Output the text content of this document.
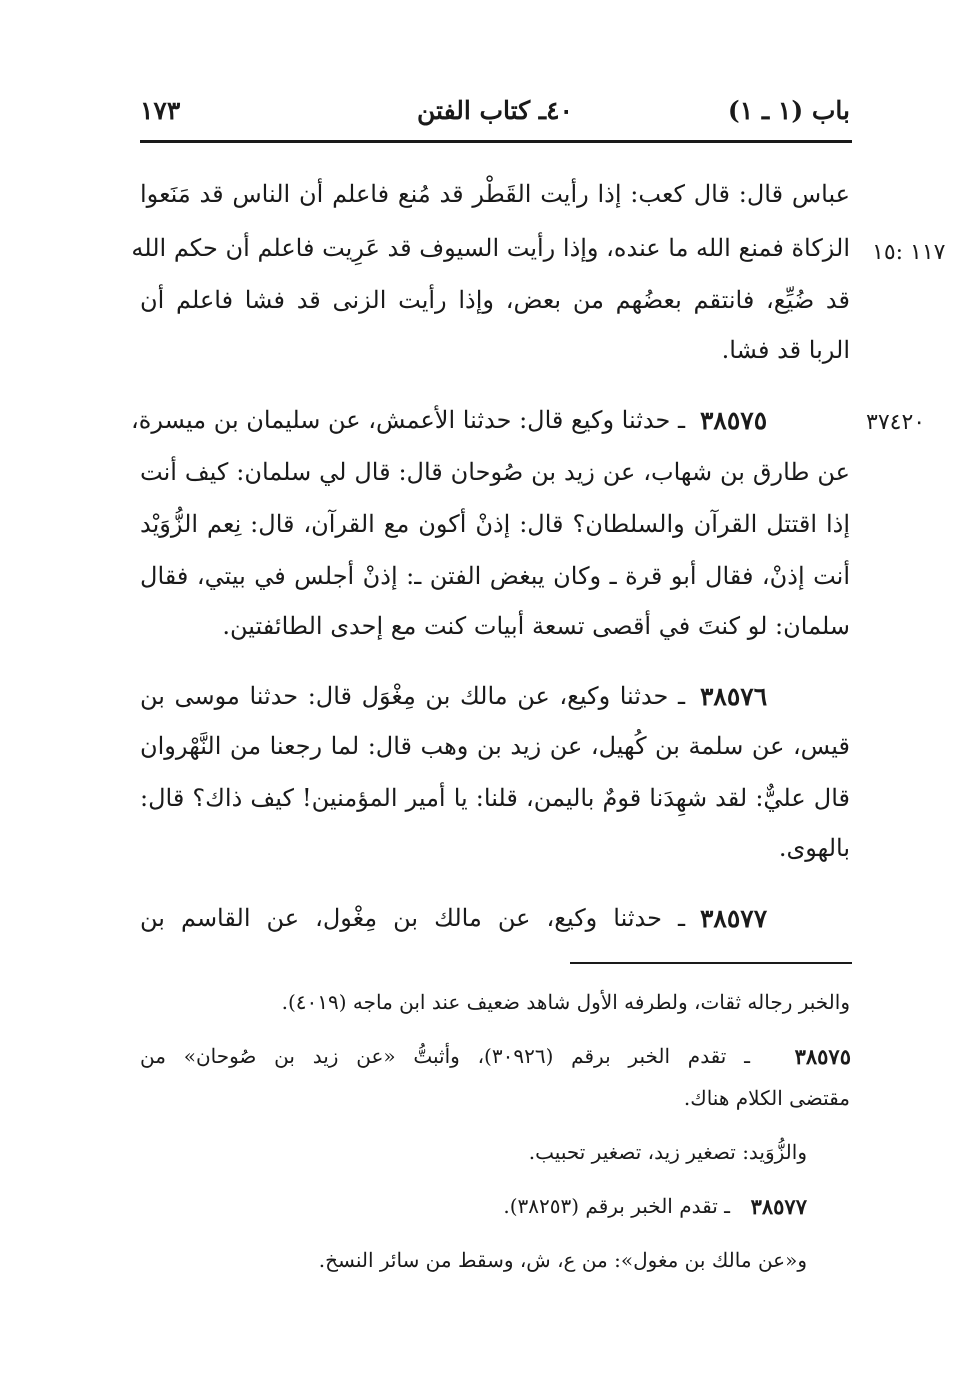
باب (١ ـ ١)
٤٠ـ كتاب الفتن
١٧٣
عباس قال: قال كعب: إذا رأيت القَطْر قد مُنع فاعلم أن الناس قد مَنَعوا
الزكاة فمنع الله ما عنده، وإذا رأيت السيوف قد عَرِيت فاعلم أن حكم الله
قد ضُيِّع، فانتقم بعضُهم من بعض، وإذا رأيت الزنى قد فشا فاعلم أن
الربا قد فشا.
١١٧ :١٥
ـ حدثنا وكيع قال: حدثنا الأعمش، عن سليمان بن ميسرة، ٣٨٥٧٥	٣٧٤٢٠
عن طارق بن شهاب، عن زيد بن صُوحان قال: قال لي سلمان: كيف أنت
إذا اقتتل القرآن والسلطان؟ قال: إذنْ أكون مع القرآن، قال: نِعم الزُّوَيْد
أنت إذنْ، فقال أبو قرة ـ وكان يبغض الفتن ـ: إذنْ أجلس في بيتي، فقال
سلمان: لو كنتَ في أقصى تسعة أبيات كنت مع إحدى الطائفتين.
٣٨٥٧٦
ـ حدثنا وكيع، عن مالك بن مِغْوَل قال: حدثنا موسى بن
قيس، عن سلمة بن كُهيل، عن زيد بن وهب قال: لما رجعنا من النَّهْروان
قال عليٌّ: لقد شهِدَنا قومٌ باليمن، قلنا: يا أمير المؤمنين! كيف ذاك؟ قال:
بالهوى.
٣٨٥٧٧
ـ حدثنا وكيع، عن مالك بن مِغْول، عن القاسم بن
والخبر رجاله ثقات، ولطرفه الأول شاهد ضعيف عند ابن ماجه (٤٠١٩).
٣٨٥٧٥
ـ تقدم الخبر برقم (٣٠٩٢٦)، وأثبتُّ «عن زيد بن صُوحان» من
مقتضى الكلام هناك.
والزُّوَيد: تصغير زيد، تصغير تحبيب.
٣٨٥٧٧
ـ تقدم الخبر برقم (٣٨٢٥٣).
و«عن مالك بن مغول»: من ع، ش، وسقط من سائر النسخ.
